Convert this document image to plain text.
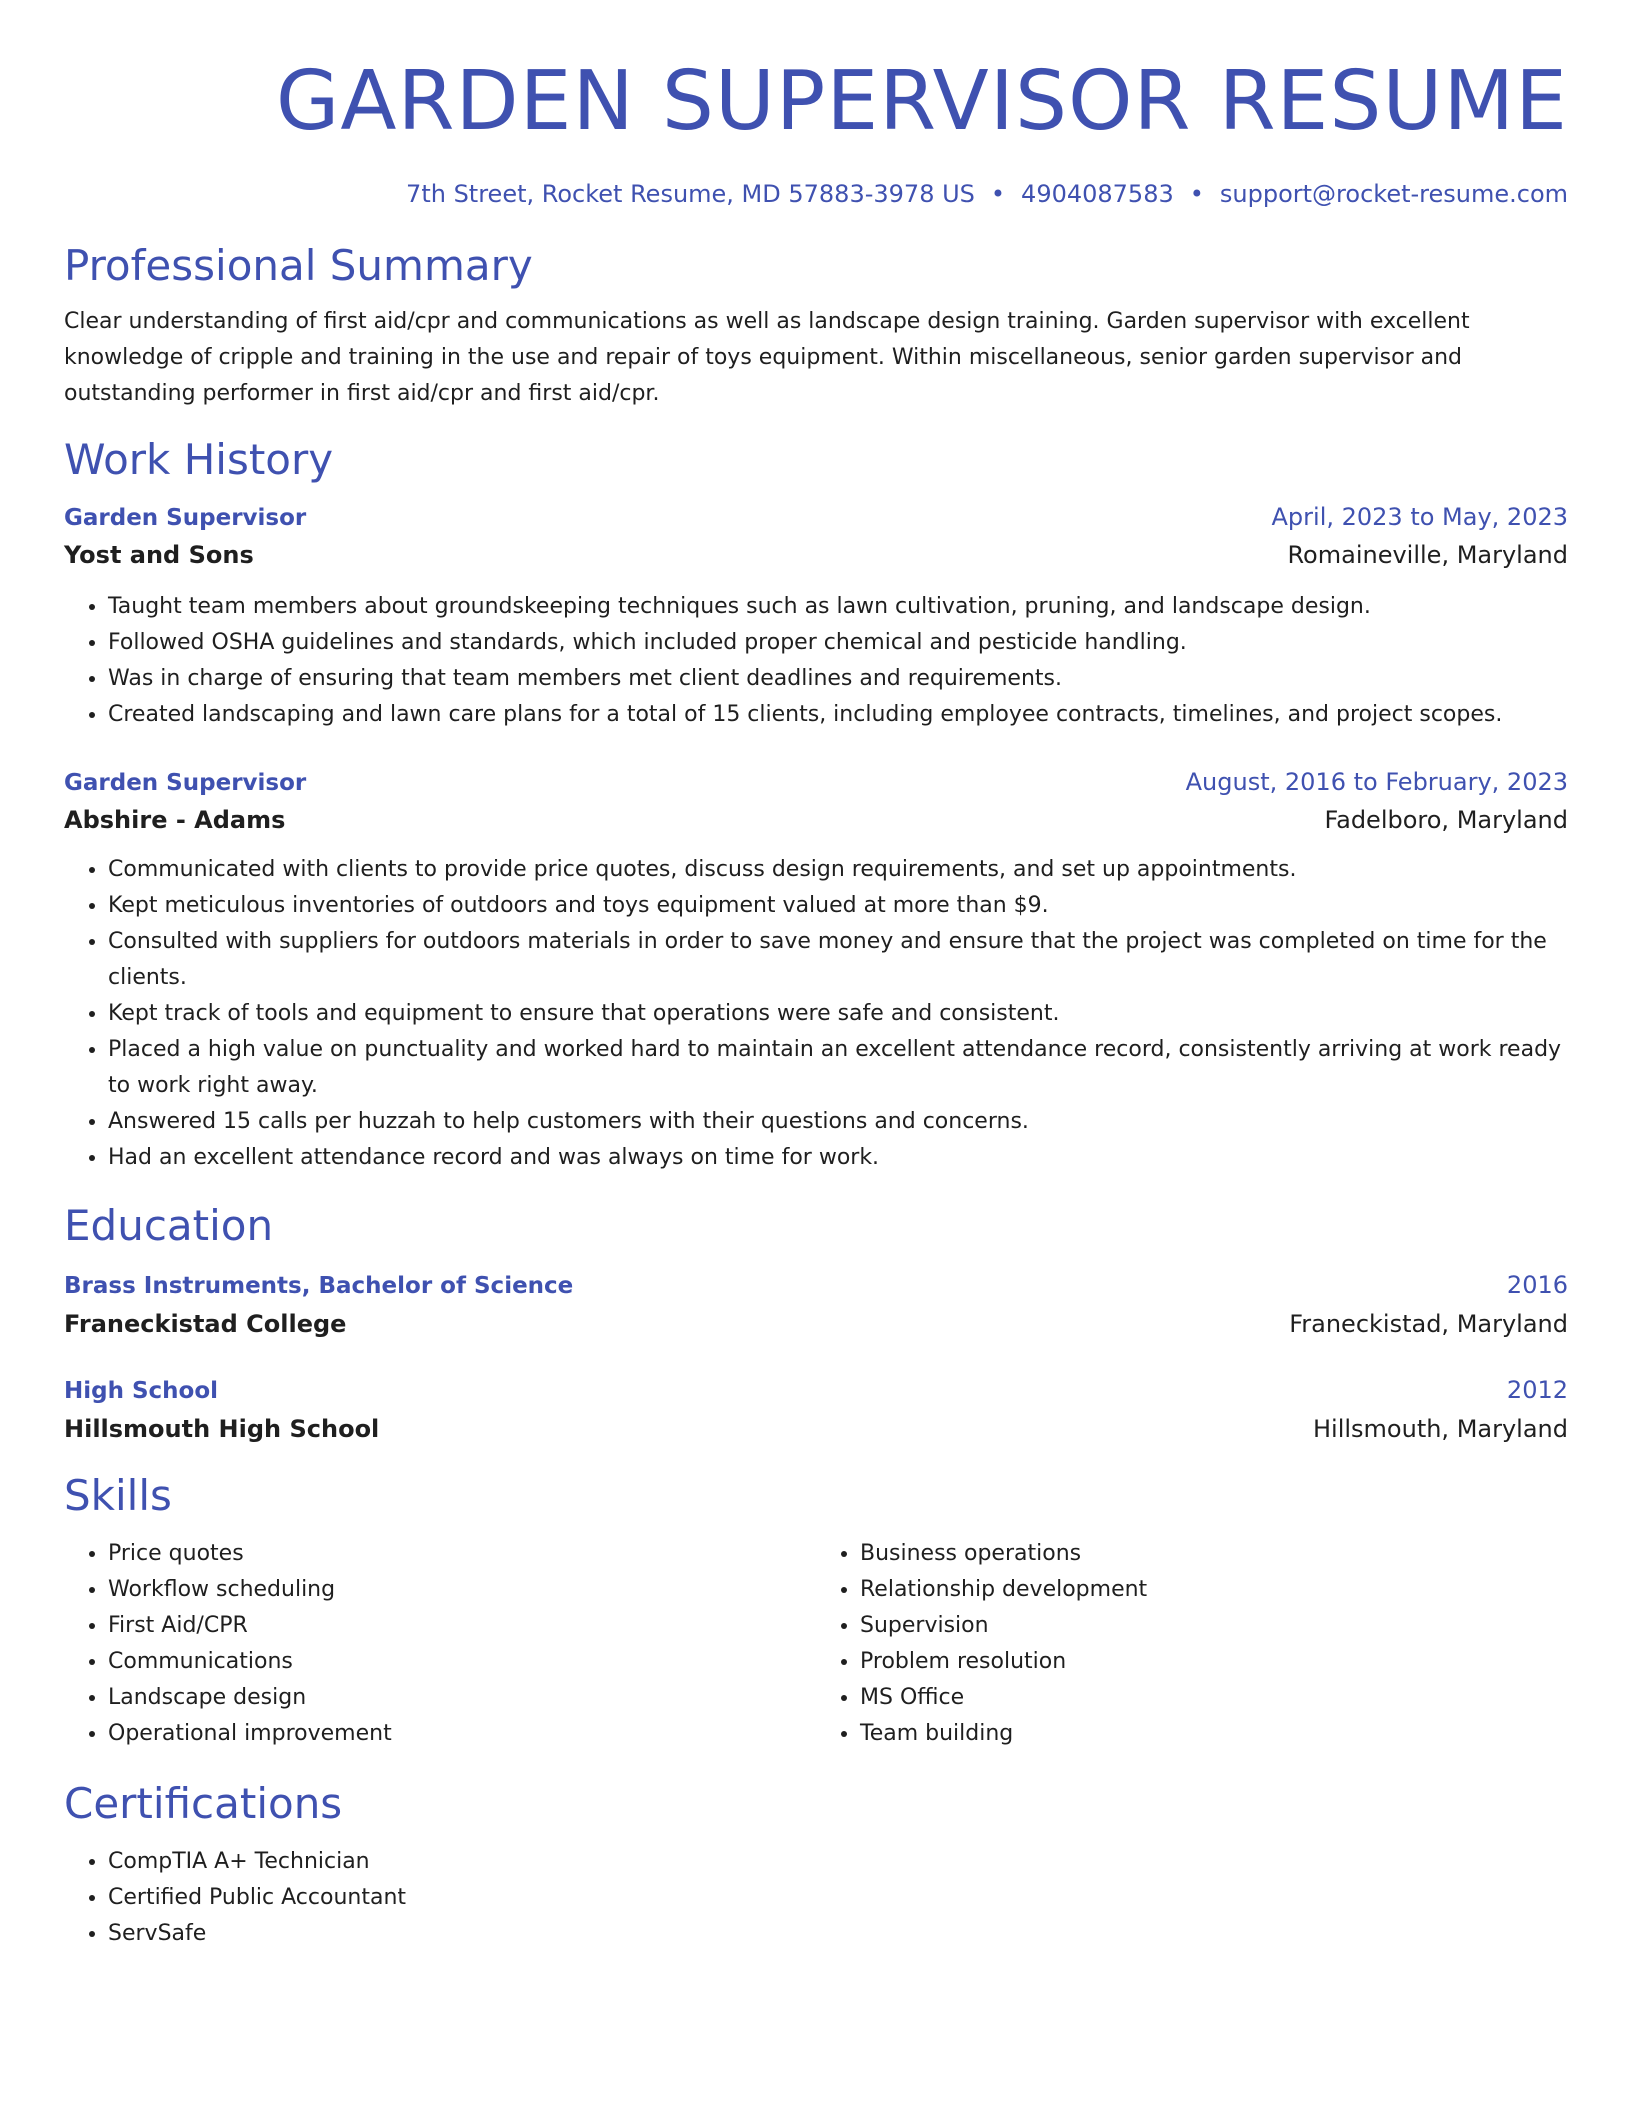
GARDEN SUPERVISOR RESUME
7th Street, Rocket Resume, MD 57883-3978 US • 4904087583 • support@rocket-resume.com
Professional Summary
Clear understanding of first aid/cpr and communications as well as landscape design training. Garden supervisor with excellent knowledge of cripple and training in the use and repair of toys equipment. Within miscellaneous, senior garden supervisor and outstanding performer in first aid/cpr and first aid/cpr.
Work History
Garden Supervisor	April, 2023 to May, 2023
Yost and Sons	Romaineville, Maryland
• Taught team members about groundskeeping techniques such as lawn cultivation, pruning, and landscape design.
• Followed OSHA guidelines and standards, which included proper chemical and pesticide handling.
• Was in charge of ensuring that team members met client deadlines and requirements.
• Created landscaping and lawn care plans for a total of 15 clients, including employee contracts, timelines, and project scopes.
Garden Supervisor	August, 2016 to February, 2023
Abshire - Adams	Fadelboro, Maryland
• Communicated with clients to provide price quotes, discuss design requirements, and set up appointments.
• Kept meticulous inventories of outdoors and toys equipment valued at more than $9.
• Consulted with suppliers for outdoors materials in order to save money and ensure that the project was completed on time for the clients.
• Kept track of tools and equipment to ensure that operations were safe and consistent.
• Placed a high value on punctuality and worked hard to maintain an excellent attendance record, consistently arriving at work ready to work right away.
• Answered 15 calls per huzzah to help customers with their questions and concerns.
• Had an excellent attendance record and was always on time for work.
Education
Brass Instruments, Bachelor of Science	2016
Franeckistad College	Franeckistad, Maryland
High School	2012
Hillsmouth High School	Hillsmouth, Maryland
Skills
• Price quotes
• Workflow scheduling
• First Aid/CPR
• Communications
• Landscape design
• Operational improvement
• Business operations
• Relationship development
• Supervision
• Problem resolution
• MS Office
• Team building
Certifications
• CompTIA A+ Technician
• Certified Public Accountant
• ServSafe
